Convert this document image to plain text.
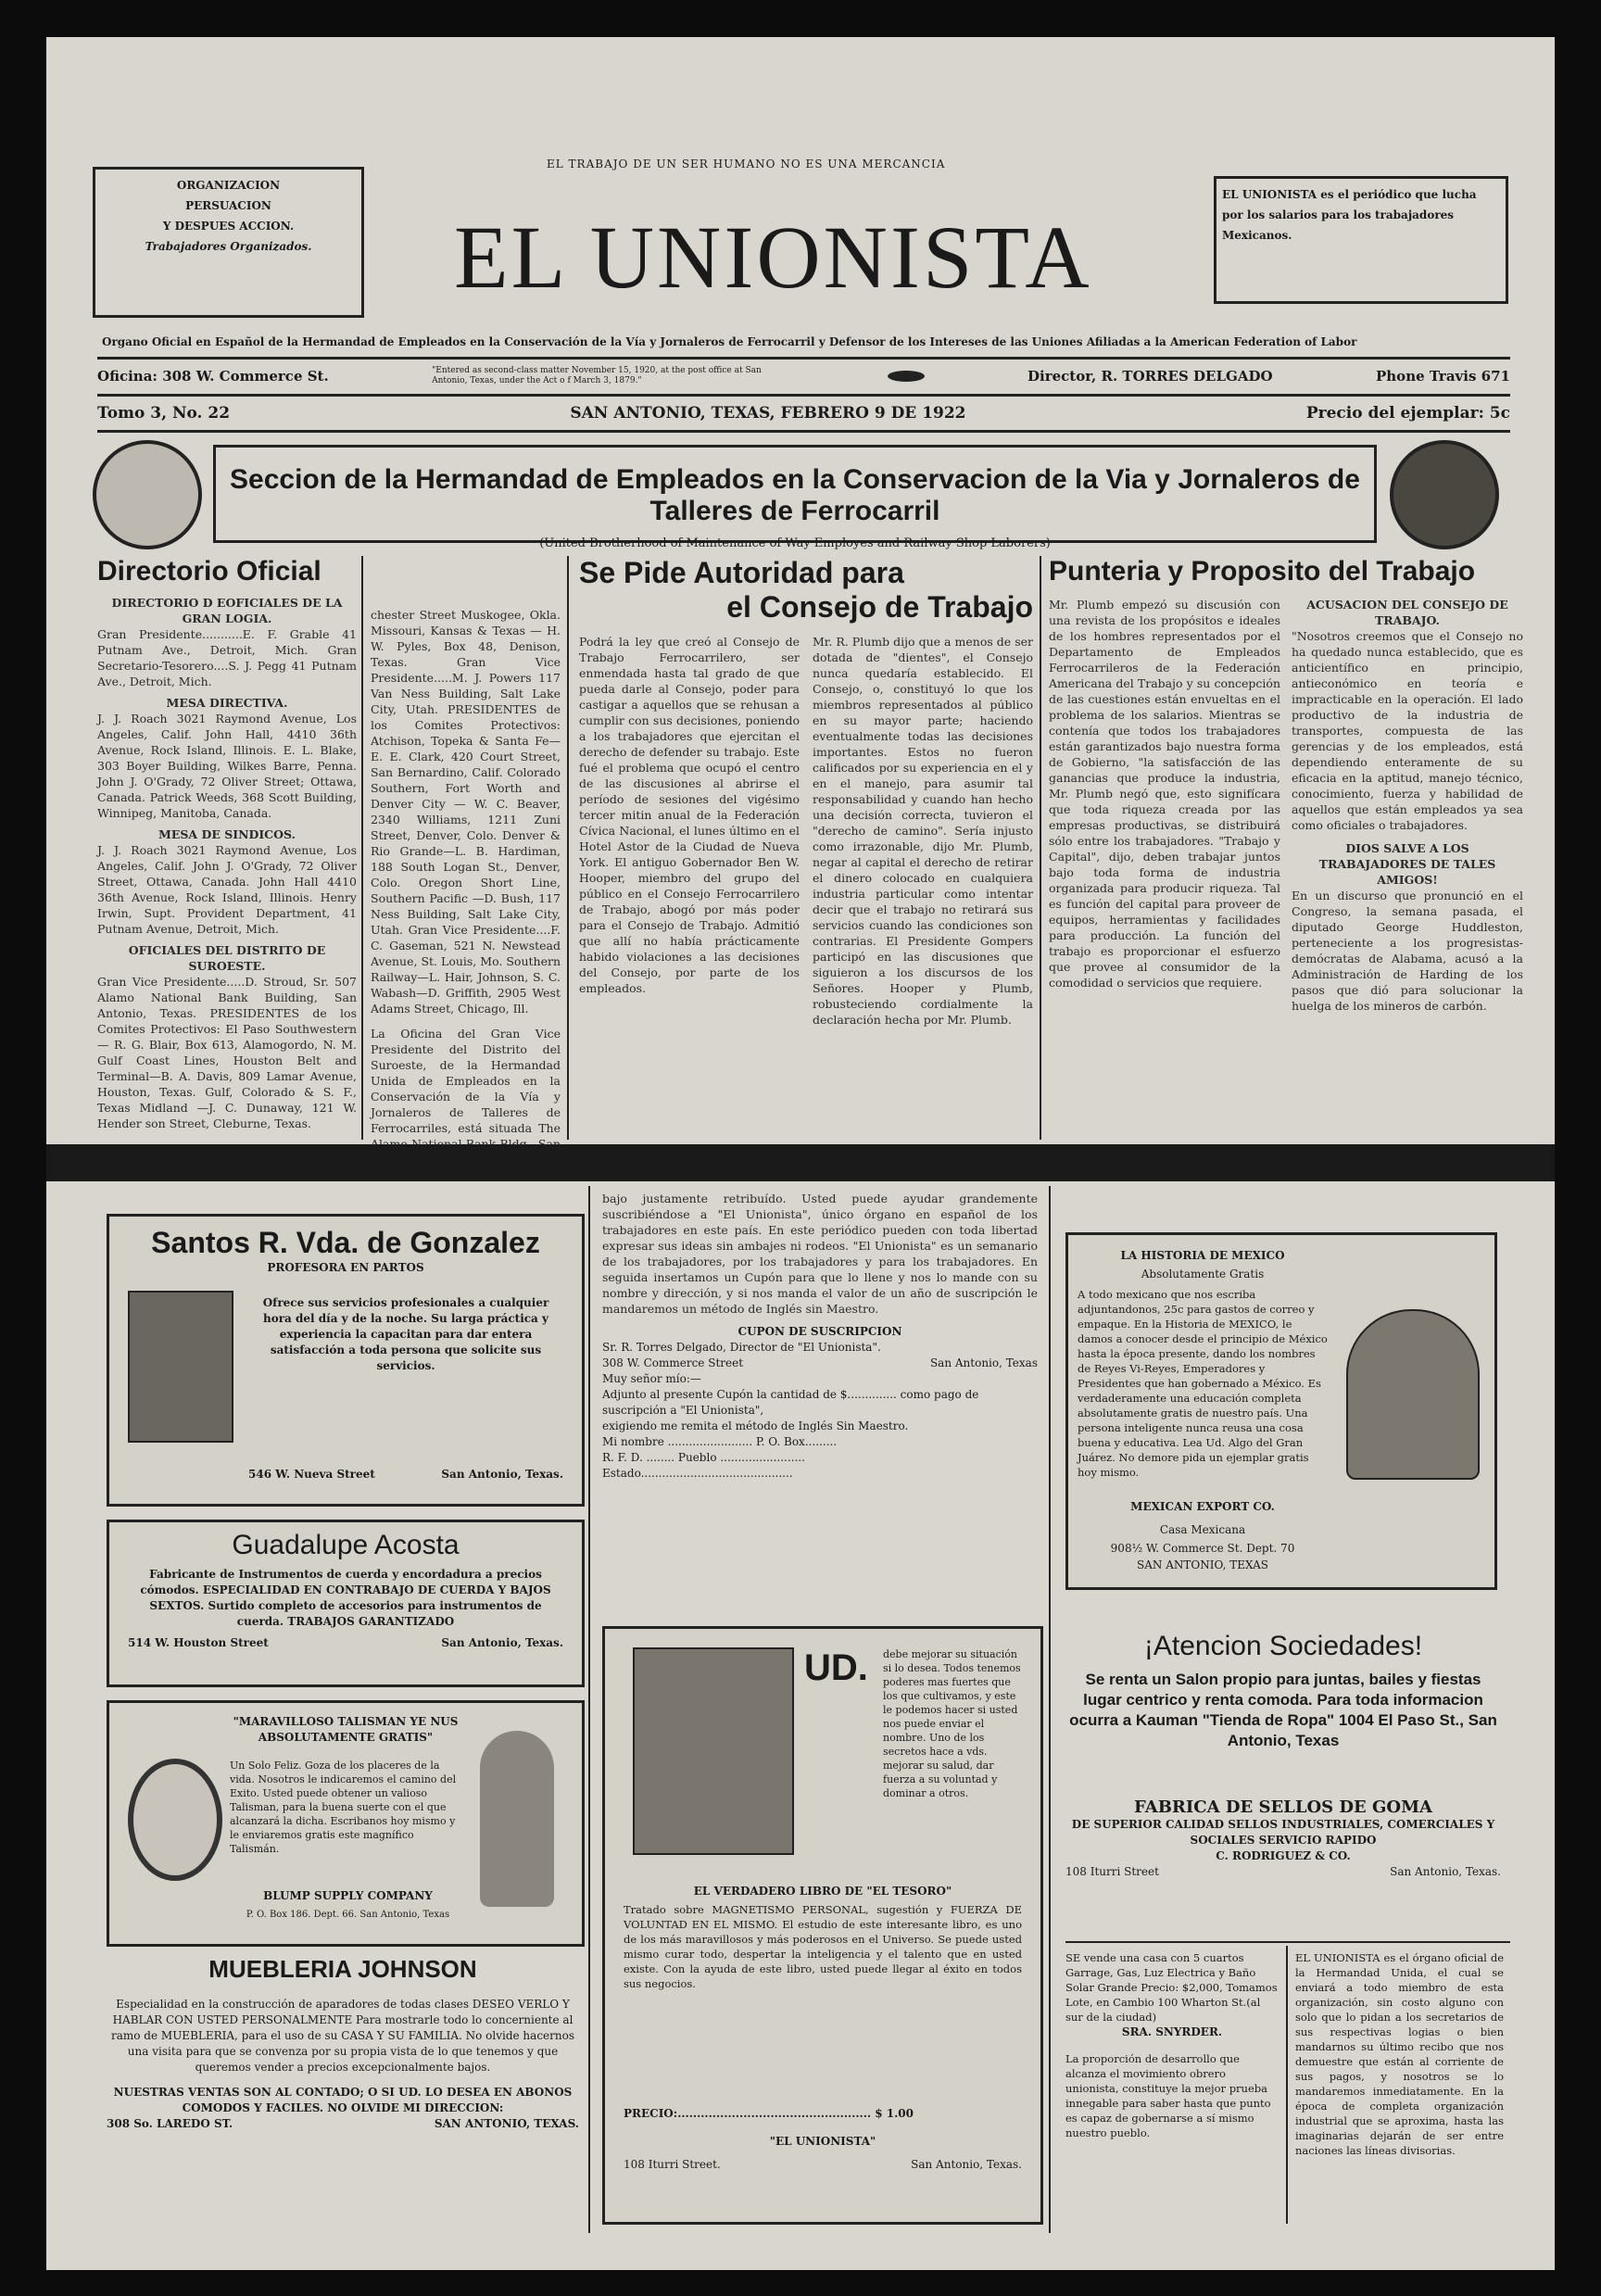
EL TRABAJO DE UN SER HUMANO NO ES UNA MERCANCIA
ORGANIZACION
PERSUACION
Y DESPUES ACCION.
Trabajadores Organizados.	EL UNIONISTA
EL UNIONISTA es el periódico que lucha por los salarios para los trabajadores Mexicanos.
Organo Oficial en Español de la Hermandad de Empleados en la Conservación de la Vía y Jornaleros de Ferrocarril y Defensor de los Intereses de las Uniones Afiliadas a la American Federation of Labor
Oficina: 308 W. Commerce St.	"Entered as second-class matter November 15, 1920, at the post office at San Antonio, Texas, under the Act o f March 3, 1879."	Director, R. TORRES DELGADO	Phone Travis 671
Tomo 3, No. 22	SAN ANTONIO, TEXAS, FEBRERO 9 DE 1922	Precio del ejemplar: 5c
Seccion de la Hermandad de Empleados en la Conservacion de la Via y Jornaleros de Talleres de Ferrocarril
(United Brotherhood of Maintenance of Way Employes and Railway Shop Laborers)
Directorio Oficial
DIRECTORIO D EOFICIALES DE LA GRAN LOGIA.
Gran Presidente...........E. F. Grable 41 Putnam Ave., Detroit, Mich. Gran Secretario-Tesorero....S. J. Pegg 41 Putnam Ave., Detroit, Mich.
MESA DIRECTIVA.
J. J. Roach 3021 Raymond Avenue, Los Angeles, Calif. John Hall, 4410 36th Avenue, Rock Island, Illinois. E. L. Blake, 303 Boyer Building, Wilkes Barre, Penna. John J. O'Grady, 72 Oliver Street; Ottawa, Canada. Patrick Weeds, 368 Scott Building, Winnipeg, Manitoba, Canada.
MESA DE SINDICOS.
J. J. Roach 3021 Raymond Avenue, Los Angeles, Calif. John J. O'Grady, 72 Oliver Street, Ottawa, Canada. John Hall 4410 36th Avenue, Rock Island, Illinois. Henry Irwin, Supt. Provident Department, 41 Putnam Avenue, Detroit, Mich.
OFICIALES DEL DISTRITO DE SUROESTE.
Gran Vice Presidente.....D. Stroud, Sr. 507 Alamo National Bank Building, San Antonio, Texas. PRESIDENTES de los Comites Protectivos: El Paso Southwestern — R. G. Blair, Box 613, Alamogordo, N. M. Gulf Coast Lines, Houston Belt and Terminal—B. A. Davis, 809 Lamar Avenue, Houston, Texas. Gulf, Colorado & S. F., Texas Midland —J. C. Dunaway, 121 W. Hender son Street, Cleburne, Texas.
chester Street Muskogee, Okla. Missouri, Kansas & Texas — H. W. Pyles, Box 48, Denison, Texas. Gran Vice Presidente.....M. J. Powers 117 Van Ness Building, Salt Lake City, Utah. PRESIDENTES de los Comites Protectivos: Atchison, Topeka & Santa Fe—E. E. Clark, 420 Court Street, San Bernardino, Calif. Colorado Southern, Fort Worth and Denver City — W. C. Beaver, 2340 Williams, 1211 Zuni Street, Denver, Colo. Denver & Rio Grande—L. B. Hardiman, 188 South Logan St., Denver, Colo. Oregon Short Line, Southern Pacific —D. Bush, 117 Ness Building, Salt Lake City, Utah. Gran Vice Presidente....F. C. Gaseman, 521 N. Newstead Avenue, St. Louis, Mo. Southern Railway—L. Hair, Johnson, S. C. Wabash—D. Griffith, 2905 West Adams Street, Chicago, Ill.
La Oficina del Gran Vice Presidente del Distrito del Suroeste, de la Hermandad Unida de Empleados en la Conservación de la Vía y Jornaleros de Talleres de Ferrocarriles, está situada The
Se Pide Autoridad para
el Consejo de Trabajo
Podrá la ley que creó al Consejo de Trabajo Ferrocarrilero, ser enmendada hasta tal grado de que pueda darle al Consejo, poder para castigar a aquellos que se rehusan a cumplir con sus decisiones, poniendo a los trabajadores que ejercitan el derecho de defender su trabajo. Este fué el problema que ocupó el centro de las discusiones al abrirse el período de sesiones del vigésimo tercer mitin anual de la Federación Cívica Nacional, el lunes último en el Hotel Astor de la Ciudad de Nueva York. El antiguo Gobernador Ben W. Hooper, miembro del grupo del público en el Consejo Ferrocarrilero de Trabajo, abogó por más poder para el Consejo de Trabajo. Admitió que allí no había prácticamente habido violaciones a las decisiones del Consejo, por parte de los empleados.
Mr. R. Plumb dijo que a menos de ser dotada de "dientes", el Consejo nunca quedaría establecido. El Consejo, o, constituyó lo que los miembros representados al público en su mayor parte; haciendo eventualmente todas las decisiones importantes. Estos no fueron calificados por su experiencia en el y en el manejo, para asumir tal responsabilidad y cuando han hecho una decisión correcta, tuvieron el "derecho de camino". Sería injusto como irrazonable, dijo Mr. Plumb, negar al capital el derecho de retirar el dinero colocado en cualquiera industria particular como intentar decir que el trabajo no retirará sus servicios cuando las condiciones son contrarias. El Presidente Gompers participó en las discusiones que siguieron a los discursos de los Señores. Hooper y Plumb, robusteciendo cordialmente la declaración hecha por Mr. Plumb.
Punteria y Proposito del Trabajo
Mr. Plumb empezó su discusión con una revista de los propósitos e ideales de los hombres representados por el Departamento de Empleados Ferrocarrileros de la Federación Americana del Trabajo y su concepción de las cuestiones están envueltas en el problema de los salarios. Mientras se contenía que todos los trabajadores están garantizados bajo nuestra forma de Gobierno, "la satisfacción de las ganancias que produce la industria, Mr. Plumb negó que, esto signifícara que toda riqueza creada por las empresas productivas, se distribuirá sólo entre los trabajadores. "Trabajo y Capital", dijo, deben trabajar juntos bajo toda forma de industria organizada para producir riqueza. Tal es función del capital para proveer de equipos, herramientas y facilidades para producción. La función del trabajo es proporcionar el esfuerzo que provee al consumidor de la comodidad o servicios que requiere.
ACUSACION DEL CONSEJO DE TRABAJO.
"Nosotros creemos que el Consejo no ha quedado nunca establecido, que es anticientífico en principio, antieconómico en teoría e impracticable en la operación. El lado productivo de la industria de transportes, compuesta de las gerencias y de los empleados, está dependiendo enteramente de su eficacia en la aptitud, manejo técnico, conocimiento, fuerza y habilidad de aquellos que están empleados ya sea como oficiales o trabajadores.
DIOS SALVE A LOS TRABAJADORES DE TALES AMIGOS!
En un discurso que pronunció en el Congreso, la semana pasada, el diputado George Huddleston, perteneciente a los progresistas-demócratas de Alabama, acusó a la Administración de Harding de los pasos que dió para solucionar la huelga de los mineros de carbón.
Santos R. Vda. de Gonzalez
PROFESORA EN PARTOS
Ofrece sus servicios profesionales a cualquier hora del día y de la noche. Su larga práctica y experiencia la capacitan para dar entera satisfacción a toda persona que solicite sus servicios.
546 W. Nueva Street	San Antonio, Texas.
Guadalupe Acosta
Fabricante de Instrumentos de cuerda y encordadura a precios cómodos. ESPECIALIDAD EN CONTRABAJO DE CUERDA Y BAJOS SEXTOS. Surtido completo de accesorios para instrumentos de cuerda. TRABAJOS GARANTIZADO
514 W. Houston Street	San Antonio, Texas.
"MARAVILLOSO TALISMAN YE NUS ABSOLUTAMENTE GRATIS"
Un Solo Feliz. Goza de los placeres de la vida. Nosotros le indicaremos el camino del Exito. Usted puede obtener un valioso Talisman, para la buena suerte con el que alcanzará la dicha. Escribanos hoy mismo y le enviaremos gratis este magnífico Talismán.
BLUMP SUPPLY COMPANY
P. O. Box 186. Dept. 66. San Antonio, Texas
MUEBLERIA JOHNSON
Especialidad en la construcción de aparadores de todas clases DESEO VERLO Y HABLAR CON USTED PERSONALMENTE Para mostrarle todo lo concerniente al ramo de MUEBLERIA, para el uso de su CASA Y SU FAMILIA. No olvide hacernos una visita para que se convenza por su propia vista de lo que tenemos y que queremos vender a precios excepcionalmente bajos.
NUESTRAS VENTAS SON AL CONTADO; O SI UD. LO DESEA EN ABONOS COMODOS Y FACILES. NO OLVIDE MI DIRECCION:
308 So. LAREDO ST.	SAN ANTONIO, TEXAS.
bajo justamente retribuído. Usted puede ayudar grandemente suscribiéndose a "El Unionista", único órgano en español de los trabajadores en este país. En este periódico pueden con toda libertad expresar sus ideas sin ambajes ni rodeos. "El Unionista" es un semanario de los trabajadores, por los trabajadores y para los trabajadores. En seguida insertamos un Cupón para que lo llene y nos lo mande con su nombre y dirección, y si nos manda el valor de un año de suscripción le mandaremos un método de Inglés sin Maestro.
CUPON DE SUSCRIPCION
Sr. R. Torres Delgado, Director de "El Unionista".
308 W. Commerce Street	San Antonio, Texas
Muy señor mío:—
Adjunto al presente Cupón la cantidad de $.............. como pago de suscripción a "El Unionista",
exigiendo me remita el método de Inglés Sin Maestro.
Mi nombre ........................ P. O. Box.........
R. F. D. ........ Pueblo ........................
Estado...........................................
UD. debe mejorar su situación si lo desea. Todos tenemos poderes mas fuertes que los que cultivamos, y este le podemos hacer si usted nos puede enviar el nombre. Uno de los secretos hace a vds. mejorar su salud, dar fuerza a su voluntad y dominar a otros.
EL VERDADERO LIBRO DE "EL TESORO"
Tratado sobre MAGNETISMO PERSONAL, sugestión y FUERZA DE VOLUNTAD EN EL MISMO. El estudio de este interesante libro, es uno de los más maravillosos y más poderosos en el Universo. Se puede usted mismo curar todo, despertar la inteligencia y el talento que en usted existe. Con la ayuda de este libro, usted puede llegar al éxito en todos sus negocios.
PRECIO:.................................................. $ 1.00
"EL UNIONISTA"
108 Iturri Street.	San Antonio, Texas.
LA HISTORIA DE MEXICO
Absolutamente Gratis
A todo mexicano que nos escriba adjuntandonos, 25c para gastos de correo y empaque. En la Historia de MEXICO, le damos a conocer desde el principio de México hasta la época presente, dando los nombres de Reyes Vi-Reyes, Emperadores y Presidentes que han gobernado a México. Es verdaderamente una educación completa absolutamente gratis de nuestro país. Una persona inteligente nunca reusa una cosa buena y educativa. Lea Ud. Algo del Gran Juárez. No demore pida un ejemplar gratis hoy mismo.
MEXICAN EXPORT CO.
Casa Mexicana
908½ W. Commerce St. Dept. 70
SAN ANTONIO, TEXAS
¡Atencion Sociedades!
Se renta un Salon propio para juntas, bailes y fiestas lugar centrico y renta comoda. Para toda informacion ocurra a Kauman "Tienda de Ropa" 1004 El Paso St., San Antonio, Texas
FABRICA DE SELLOS DE GOMA
DE SUPERIOR CALIDAD SELLOS INDUSTRIALES, COMERCIALES Y SOCIALES SERVICIO RAPIDO
C. RODRIGUEZ & CO.
108 Iturri Street	San Antonio, Texas.
SE vende una casa con 5 cuartos Garrage, Gas, Luz Electrica y Baño Solar Grande Precio: $2,000, Tomamos Lote, en Cambio 100 Wharton St.(al sur de la ciudad)
SRA. SNYRDER.
La proporción de desarrollo que alcanza el movimiento obrero unionista, constituye la mejor prueba innegable para saber hasta que punto es capaz de gobernarse a sí mismo nuestro pueblo.
EL UNIONISTA es el órgano oficial de la Hermandad Unida, el cual se enviará a todo miembro de esta organización, sin costo alguno con solo que lo pidan a los secretarios de sus respectivas logias o bien mandarnos su último recibo que nos demuestre que están al corriente de sus pagos, y nosotros se lo mandaremos inmediatamente. En la época de completa organización industrial que se aproxima, hasta las imaginarias dejarán de ser entre naciones las líneas divisorias.
